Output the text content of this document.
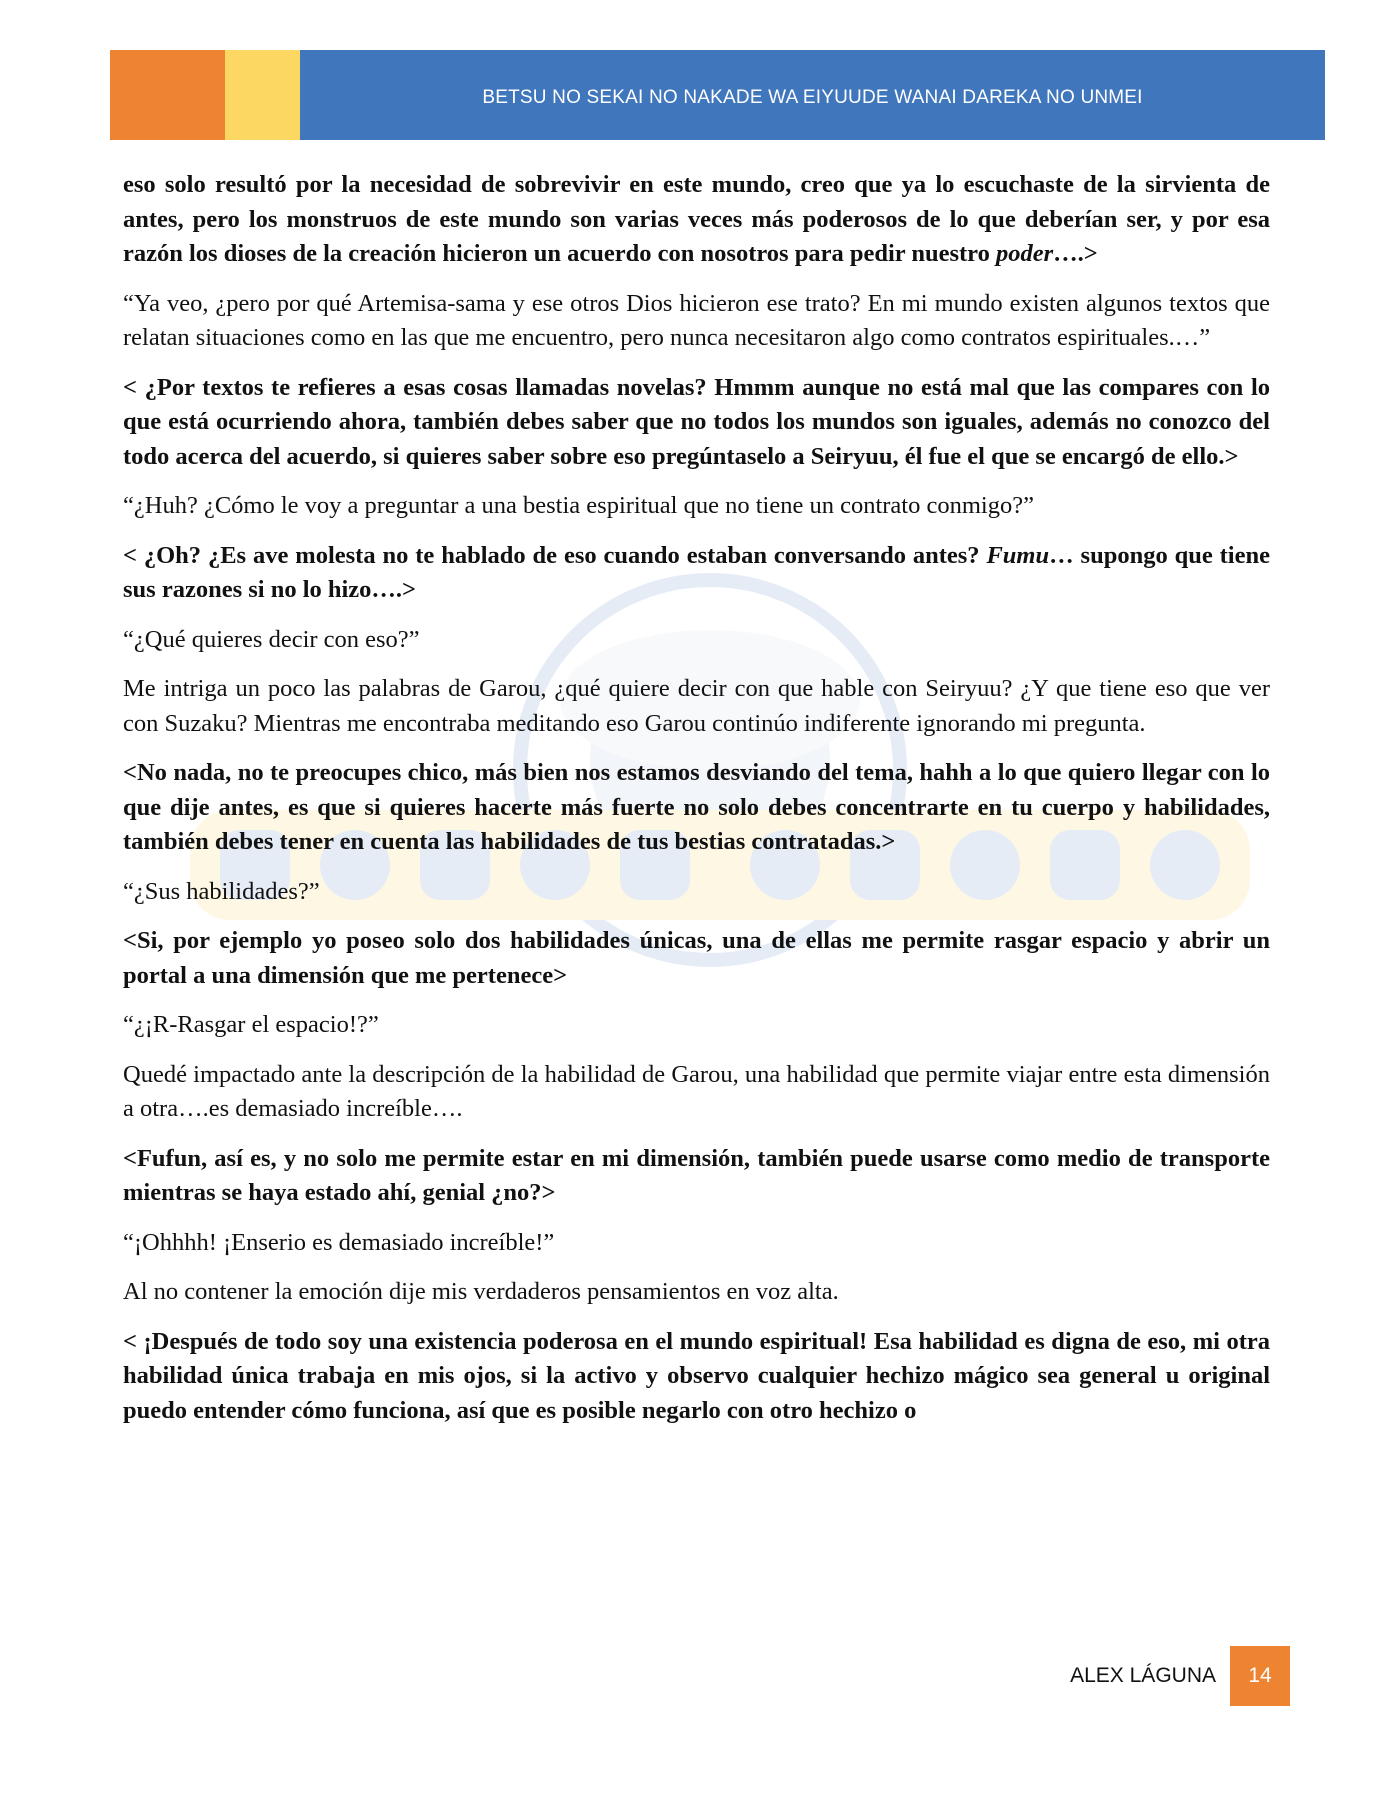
BETSU NO SEKAI NO NAKADE WA EIYUUDE WANAI DAREKA NO UNMEI

eso solo resultó por la necesidad de sobrevivir en este mundo, creo que ya lo escuchaste de la sirvienta de antes, pero los monstruos de este mundo son varias veces más poderosos de lo que deberían ser, y por esa razón los dioses de la creación hicieron un acuerdo con nosotros para pedir nuestro poder….>

“Ya veo, ¿pero por qué Artemisa-sama y ese otros Dios hicieron ese trato? En mi mundo existen algunos textos que relatan situaciones como en las que me encuentro, pero nunca necesitaron algo como contratos espirituales.…”

< ¿Por textos te refieres a esas cosas llamadas novelas? Hmmm aunque no está mal que las compares con lo que está ocurriendo ahora, también debes saber que no todos los mundos son iguales, además no conozco del todo acerca del acuerdo, si quieres saber sobre eso pregúntaselo a Seiryuu, él fue el que se encargó de ello.>

“¿Huh? ¿Cómo le voy a preguntar a una bestia espiritual que no tiene un contrato conmigo?”

< ¿Oh? ¿Es ave molesta no te hablado de eso cuando estaban conversando antes? Fumu… supongo que tiene sus razones si no lo hizo….>

“¿Qué quieres decir con eso?”

Me intriga un poco las palabras de Garou, ¿qué quiere decir con que hable con Seiryuu? ¿Y que tiene eso que ver con Suzaku? Mientras me encontraba meditando eso Garou continúo indiferente ignorando mi pregunta.

<No nada, no te preocupes chico, más bien nos estamos desviando del tema, hahh a lo que quiero llegar con lo que dije antes, es que si quieres hacerte más fuerte no solo debes concentrarte en tu cuerpo y habilidades, también debes tener en cuenta las habilidades de tus bestias contratadas.>

“¿Sus habilidades?”

<Si, por ejemplo yo poseo solo dos habilidades únicas, una de ellas me permite rasgar espacio y abrir un portal a una dimensión que me pertenece>

“¿¡R-Rasgar el espacio!?”

Quedé impactado ante la descripción de la habilidad de Garou, una habilidad que permite viajar entre esta dimensión a otra….es demasiado increíble….

<Fufun, así es, y no solo me permite estar en mi dimensión, también puede usarse como medio de transporte mientras se haya estado ahí, genial ¿no?>

“¡Ohhhh! ¡Enserio es demasiado increíble!”

Al no contener la emoción dije mis verdaderos pensamientos en voz alta.

< ¡Después de todo soy una existencia poderosa en el mundo espiritual! Esa habilidad es digna de eso, mi otra habilidad única trabaja en mis ojos, si la activo y observo cualquier hechizo mágico sea general u original puedo entender cómo funciona, así que es posible negarlo con otro hechizo o

ALEX LÁGUNA 14
